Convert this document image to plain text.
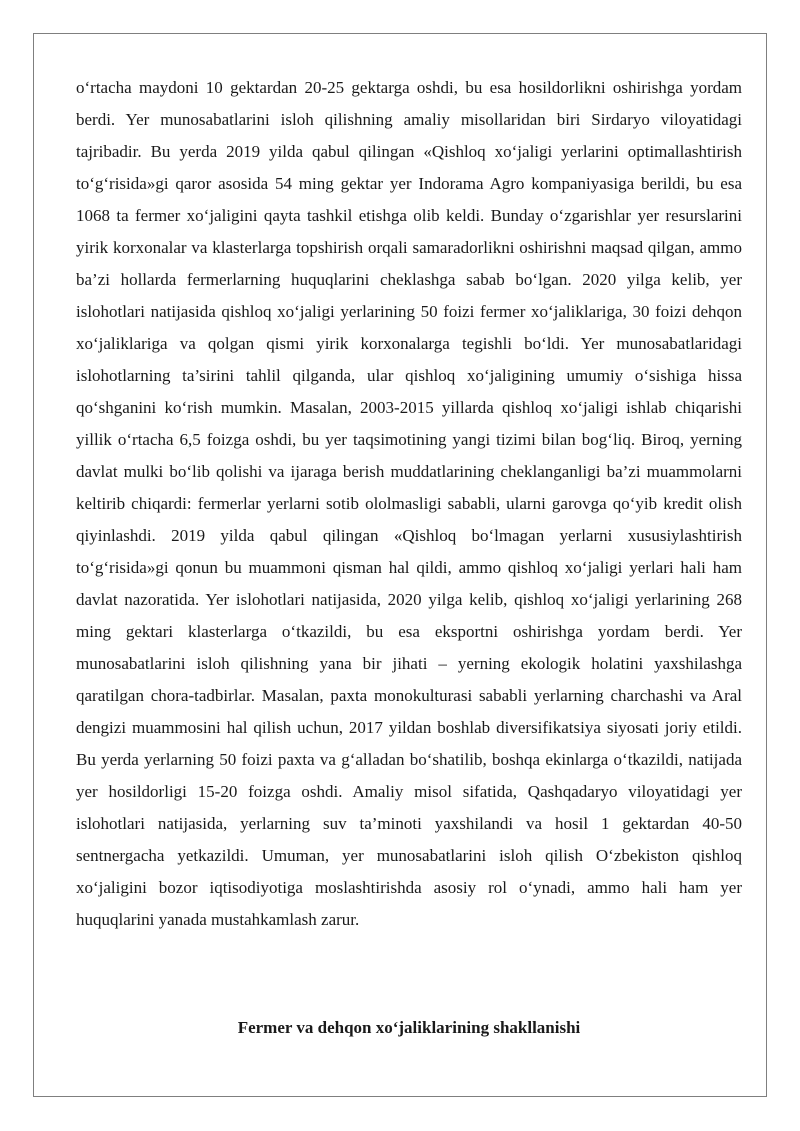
o‘rtacha maydoni 10 gektardan 20-25 gektarga oshdi, bu esa hosildorlikni oshirishga yordam berdi. Yer munosabatlarini isloh qilishning amaliy misollaridan biri Sirdaryo viloyatidagi tajribadir. Bu yerda 2019 yilda qabul qilingan «Qishloq xo‘jaligi yerlarini optimallashtirish to‘g‘risida»gi qaror asosida 54 ming gektar yer Indorama Agro kompaniyasiga berildi, bu esa 1068 ta fermer xo‘jaligini qayta tashkil etishga olib keldi. Bunday o‘zgarishlar yer resurslarini yirik korxonalar va klasterlarga topshirish orqali samaradorlikni oshirishni maqsad qilgan, ammo ba’zi hollarda fermerlarning huquqlarini cheklashga sabab bo‘lgan. 2020 yilga kelib, yer islohotlari natijasida qishloq xo‘jaligi yerlarining 50 foizi fermer xo‘jaliklariga, 30 foizi dehqon xo‘jaliklariga va qolgan qismi yirik korxonalarga tegishli bo‘ldi. Yer munosabatlaridagi islohotlarning ta’sirini tahlil qilganda, ular qishloq xo‘jaligining umumiy o‘sishiga hissa qo‘shganini ko‘rish mumkin. Masalan, 2003-2015 yillarda qishloq xo‘jaligi ishlab chiqarishi yillik o‘rtacha 6,5 foizga oshdi, bu yer taqsimotining yangi tizimi bilan bog‘liq. Biroq, yerning davlat mulki bo‘lib qolishi va ijaraga berish muddatlarining cheklanganligi ba’zi muammolarni keltirib chiqardi: fermerlar yerlarni sotib ololmasligi sababli, ularni garovga qo‘yib kredit olish qiyinlashdi. 2019 yilda qabul qilingan «Qishloq bo‘lmagan yerlarni xususiylashtirish to‘g‘risida»gi qonun bu muammoni qisman hal qildi, ammo qishloq xo‘jaligi yerlari hali ham davlat nazoratida. Yer islohotlari natijasida, 2020 yilga kelib, qishloq xo‘jaligi yerlarining 268 ming gektari klasterlarga o‘tkazildi, bu esa eksportni oshirishga yordam berdi. Yer munosabatlarini isloh qilishning yana bir jihati – yerning ekologik holatini yaxshilashga qaratilgan chora-tadbirlar. Masalan, paxta monokulturasi sababli yerlarning charchashi va Aral dengizi muammosini hal qilish uchun, 2017 yildan boshlab diversifikatsiya siyosati joriy etildi. Bu yerda yerlarning 50 foizi paxta va g‘alladan bo‘shatilib, boshqa ekinlarga o‘tkazildi, natijada yer hosildorligi 15-20 foizga oshdi. Amaliy misol sifatida, Qashqadaryo viloyatidagi yer islohotlari natijasida, yerlarning suv ta’minoti yaxshilandi va hosil 1 gektardan 40-50 sentnergacha yetkazildi. Umuman, yer munosabatlarini isloh qilish O‘zbekiston qishloq xo‘jaligini bozor iqtisodiyotiga moslashtirishda asosiy rol o‘ynadi, ammo hali ham yer huquqlarini yanada mustahkamlash zarur.

Fermer va dehqon xo‘jaliklarining shakllanishi
